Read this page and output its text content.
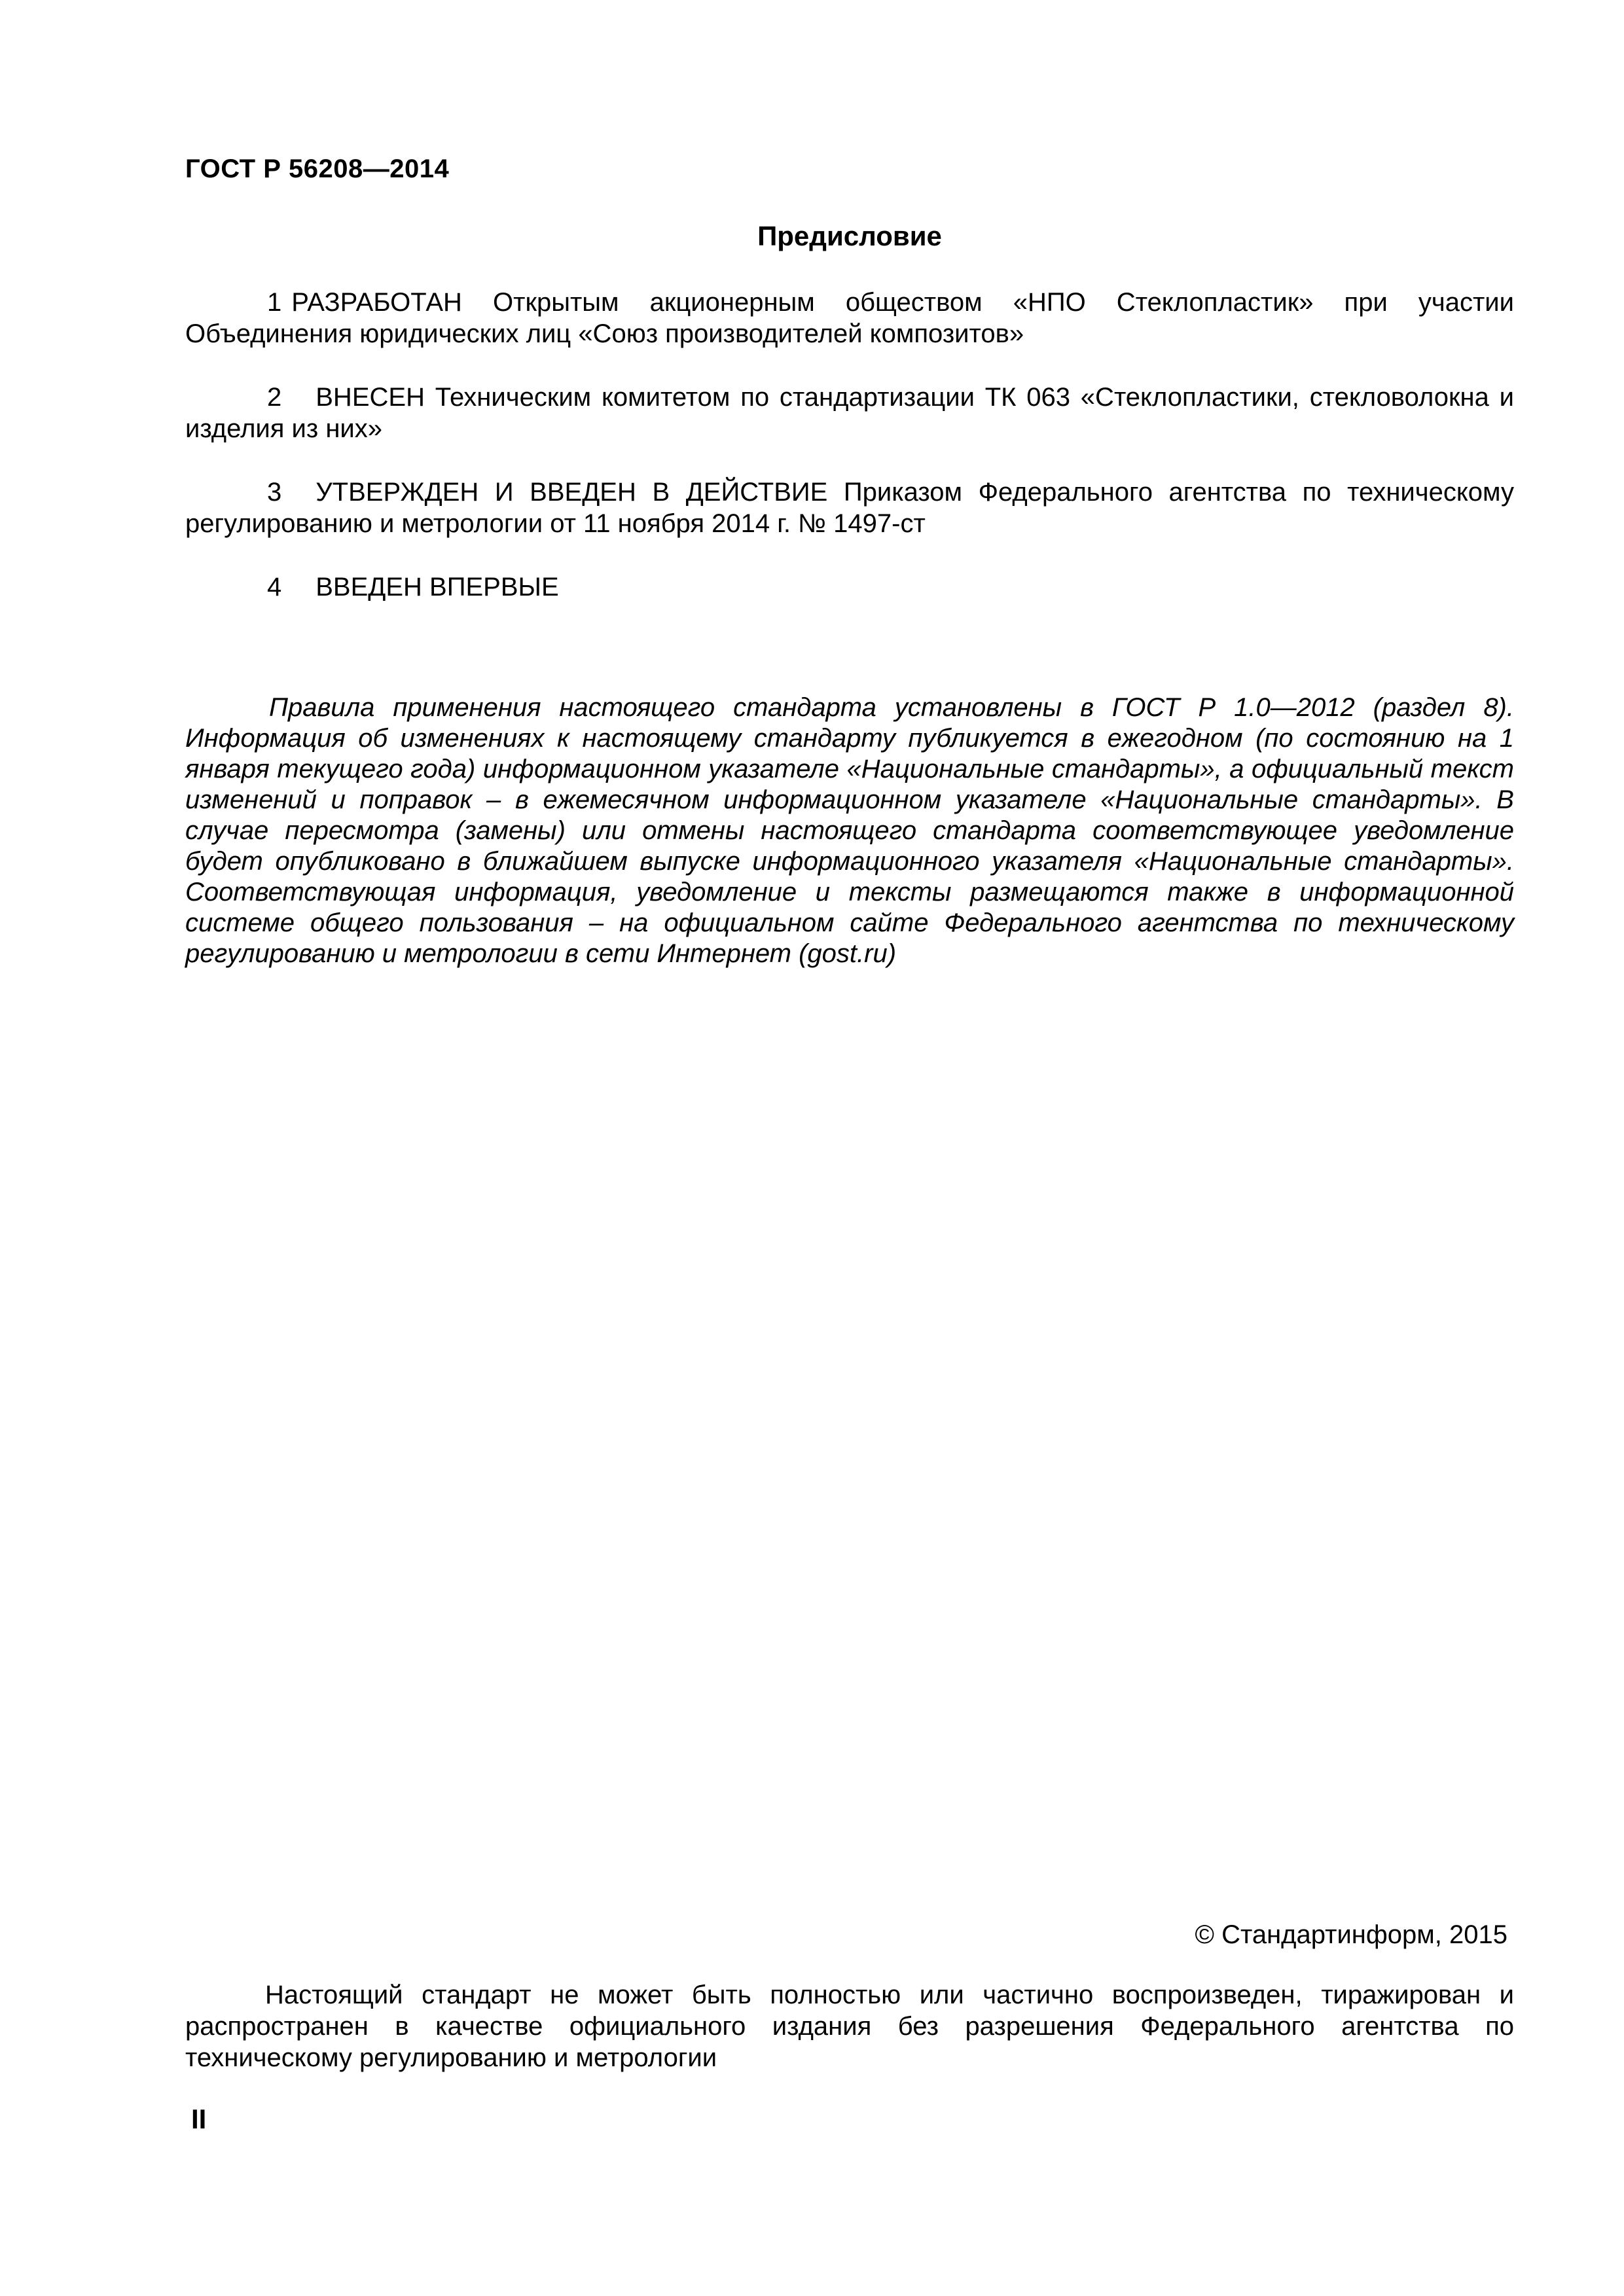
ГОСТ Р 56208—2014
Предисловие

1 РАЗРАБОТАН Открытым акционерным обществом «НПО Стеклопластик» при участии Объединения юридических лиц «Союз производителей композитов»

2 ВНЕСЕН Техническим комитетом по стандартизации ТК 063 «Стеклопластики, стекловолокна и изделия из них»

3 УТВЕРЖДЕН И ВВЕДЕН В ДЕЙСТВИЕ Приказом Федерального агентства по техническому регулированию и метрологии от 11 ноября 2014 г. № 1497-ст

4 ВВЕДЕН ВПЕРВЫЕ

Правила применения настоящего стандарта установлены в ГОСТ Р 1.0—2012 (раздел 8). Информация об изменениях к настоящему стандарту публикуется в ежегодном (по состоянию на 1 января текущего года) информационном указателе «Национальные стандарты», а официальный текст изменений и поправок – в ежемесячном информационном указателе «Национальные стандарты». В случае пересмотра (замены) или отмены настоящего стандарта соответствующее уведомление будет опубликовано в ближайшем выпуске информационного указателя «Национальные стандарты». Соответствующая информация, уведомление и тексты размещаются также в информационной системе общего пользования – на официальном сайте Федерального агентства по техническому регулированию и метрологии в сети Интернет (gost.ru)
© Стандартинформ, 2015
Настоящий стандарт не может быть полностью или частично воспроизведен, тиражирован и распространен в качестве официального издания без разрешения Федерального агентства по техническому регулированию и метрологии
II
